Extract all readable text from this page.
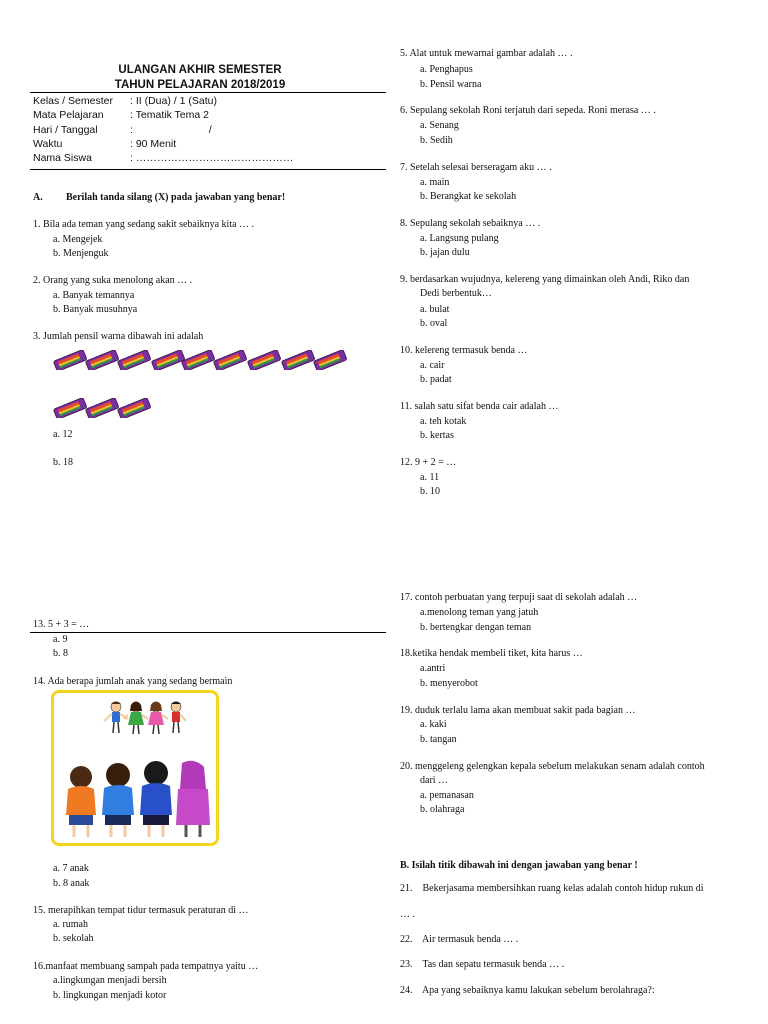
ULANGAN AKHIR SEMESTER
TAHUN PELAJARAN 2018/2019
Kelas / Semester : II (Dua) / 1 (Satu)
Mata Pelajaran	: Tematik Tema 2
Hari / Tanggal	:                          /
Waktu	: 90 Menit
Nama Siswa	: ………………………………………
A. Berilah tanda silang (X) pada jawaban yang benar!
1. Bila ada teman yang sedang sakit sebaiknya kita … .
a. Mengejek
b. Menjenguk
2. Orang yang suka menolong akan … .
a. Banyak temannya
b. Banyak musuhnya
3. Jumlah pensil warna dibawah ini adalah
a. 12
b. 18
13. 5 + 3 = …
a. 9
b. 8
14. Ada berapa jumlah anak yang sedang bermain
a. 7 anak
b. 8 anak
15. merapihkan tempat tidur termasuk peraturan di …
a. rumah
b. sekolah
16.manfaat membuang sampah pada tempatnya yaitu …
a.lingkungan menjadi bersih
b. lingkungan menjadi kotor
5. Alat untuk mewarnai gambar adalah … .
a. Penghapus
b. Pensil warna
6. Sepulang sekolah Roni terjatuh dari sepeda. Roni merasa … .
a. Senang
b. Sedih
7. Setelah selesai berseragam aku … .
a. main
b. Berangkat ke sekolah
8. Sepulang sekolah sebaiknya … .
a. Langsung pulang
b. jajan dulu
9. berdasarkan wujudnya, kelereng yang dimainkan oleh Andi, Riko dan
Dedi berbentuk…
a. bulat
b. oval
10. kelereng termasuk benda …
a. cair
b. padat
11. salah satu sifat benda cair adalah …
a. teh kotak
b. kertas
12. 9 + 2 = …
a. 11
b. 10
17. contoh perbuatan yang terpuji saat di sekolah adalah …
a.menolong teman yang jatuh
b. bertengkar dengan teman
18.ketika hendak membeli tiket, kita harus …
a.antri
b. menyerobot
19. duduk terlalu lama akan membuat sakit pada bagian …
a. kaki
b. tangan
20. menggeleng gelengkan kepala sebelum melakukan senam adalah contoh
dari …
a. pemanasan
b. olahraga
B. Isilah titik dibawah ini dengan jawaban yang benar !
21.    Bekerjasama membersihkan ruang kelas adalah contoh hidup rukun di
… .
22.    Air termasuk benda … .
23.    Tas dan sepatu termasuk benda … .
24.    Apa yang sebaiknya kamu lakukan sebelum berolahraga?:
